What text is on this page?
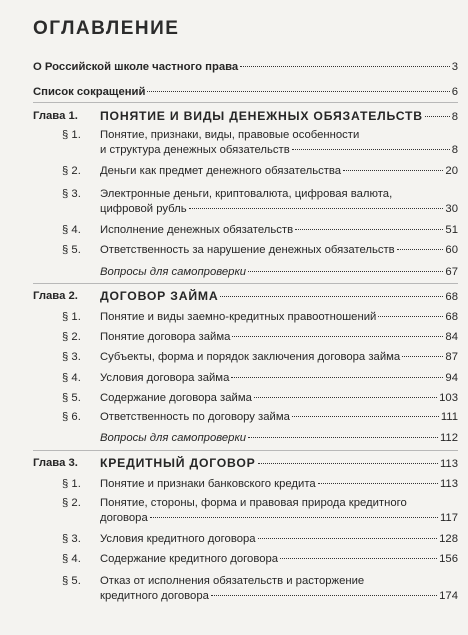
ОГЛАВЛЕНИЕ
О Российской школе частного права	3
Список сокращений	6
Глава 1. ПОНЯТИЕ И ВИДЫ ДЕНЕЖНЫХ ОБЯЗАТЕЛЬСТВ	8
§ 1. Понятие, признаки, виды, правовые особенности
и структура денежных обязательств	8
§ 2. Деньги как предмет денежного обязательства	20
§ 3. Электронные деньги, криптовалюта, цифровая валюта,
цифровой рубль	30
§ 4. Исполнение денежных обязательств	51
§ 5. Ответственность за нарушение денежных обязательств	60
Вопросы для самопроверки	67
Глава 2. ДОГОВОР ЗАЙМА	68
§ 1. Понятие и виды заемно-кредитных правоотношений	68
§ 2. Понятие договора займа	84
§ 3. Субъекты, форма и порядок заключения договора займа	87
§ 4. Условия договора займа	94
§ 5. Содержание договора займа	103
§ 6. Ответственность по договору займа	111
Вопросы для самопроверки	112
Глава 3. КРЕДИТНЫЙ ДОГОВОР	113
§ 1. Понятие и признаки банковского кредита	113
§ 2. Понятие, стороны, форма и правовая природа кредитного
договора	117
§ 3. Условия кредитного договора	128
§ 4. Содержание кредитного договора	156
§ 5. Отказ от исполнения обязательств и расторжение
кредитного договора	174
